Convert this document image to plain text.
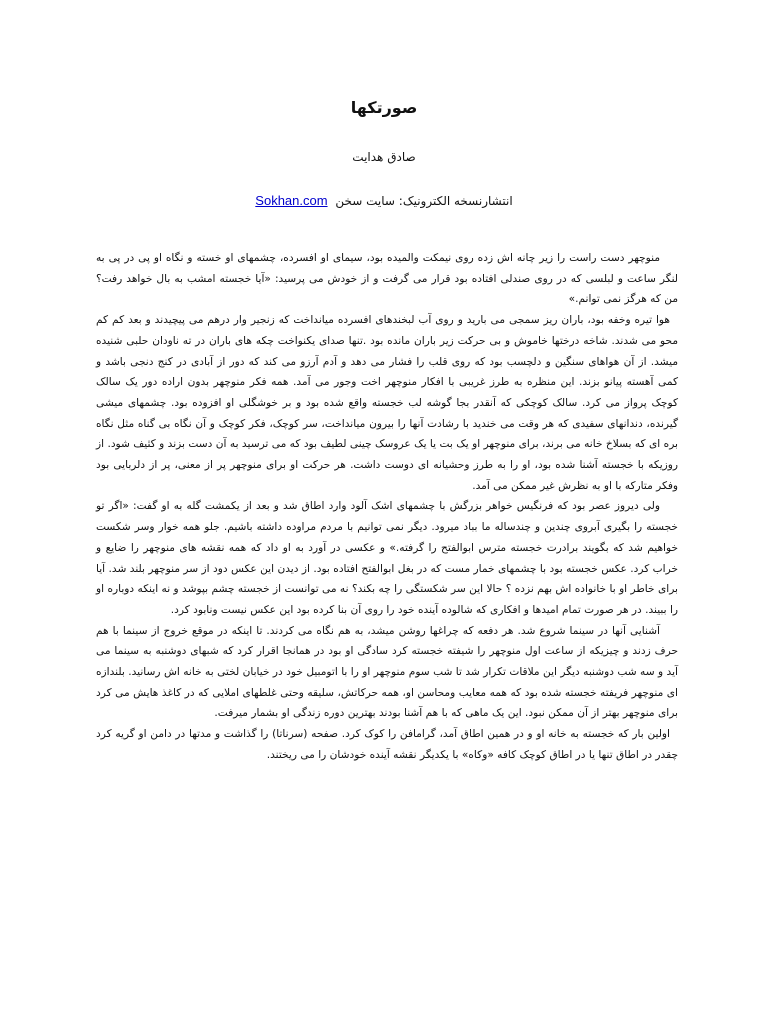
صورتکها
صادق هدایت
انتشارنسخه الکترونیک: سایت سخن Sokhan.com

منوچهر دست راست را زیر چانه اش زده روی نیمکت والمیده بود، سیمای او افسرده، چشمهای او خسته و نگاه او پی در پی به لنگر ساعت و لبلسی که در روی صندلی افتاده بود قرار می گرفت و از خودش می پرسید: «آیا خجسته امشب به بال خواهد رفت؟ من که هرگز نمی توانم.»

هوا تیره وخفه بود، باران ریز سمجی می بارید و روی آب لبخندهای افسرده میانداخت که زنجیر وار درهم می پیچیدند و بعد کم کم محو می شدند. شاخه درختها خاموش و بی حرکت زیر باران مانده بود .تنها صدای یکنواخت چکه های باران در ته ناودان حلبی شنیده میشد. از آن هواهای سنگین و دلچسب بود که روی قلب را فشار می دهد و آدم آرزو می کند که دور از آبادی در کنج دنجی باشد و کمی آهسته پیانو بزند. این منظره به طرز غریبی با افکار منوچهر اخت وجور می آمد. همه فکر منوچهر بدون اراده دور یک سالک کوچک پرواز می کرد. سالک کوچکی که آنقدر بجا گوشه لب خجسته واقع شده بود و بر خوشگلی او افزوده بود. چشمهای میشی گیرنده، دندانهای سفیدی که هر وقت می خندید با رشادت آنها را بیرون میانداخت، سر کوچک، فکر کوچک و آن نگاه بی گناه مثل نگاه بره ای که بسلاخ خانه می برند، برای منوچهر او یک بت یا یک عروسک چینی لطیف بود که می ترسید به آن دست بزند و کثیف شود. از روزیکه با خجسته آشنا شده بود، او را به طرز وحشیانه ای دوست داشت. هر حرکت او برای منوچهر پر از معنی، پر از دلربایی بود وفکر متارکه با او به نظرش غیر ممکن می آمد.

ولی دیروز عصر بود که فرنگیس خواهر بزرگش با چشمهای اشک آلود وارد اطاق شد و بعد از یکمشت گله به او گفت: «اگر تو خجسته را بگیری آبروی چندین و چندساله ما بباد میرود. دیگر نمی توانیم با مردم مراوده داشته باشیم. جلو همه خوار وسر شکست خواهیم شد که بگویند برادرت خجسته مترس ابوالفتح را گرفته.» و عکسی در آورد به او داد که همه نقشه های منوچهر را ضایع و خراب کرد. عکس خجسته بود با چشمهای خمار مست که در بغل ابوالفتح افتاده بود. از دیدن این عکس دود از سر منوچهر بلند شد. آیا برای خاطر او با خانواده اش بهم نزده ؟ حالا این سر شکستگی را چه بکند؟ نه می توانست از خجسته چشم بپوشد و نه اینکه دوباره او را ببیند. در هر صورت تمام امیدها و افکاری که شالوده آینده خود را روی آن بنا کرده بود این عکس نیست ونابود کرد.

آشنایی آنها در سینما شروع شد. هر دفعه که چراغها روشن میشد، به هم نگاه می کردند. تا اینکه در موقع خروج از سینما با هم حرف زدند و چیزیکه از ساعت اول منوچهر را شیفته خجسته کرد سادگی او بود در همانجا اقرار کرد که شبهای دوشنبه به سینما می آید و سه شب دوشنبه دیگر این ملاقات تکرار شد تا شب سوم منوچهر او را با اتومبیل خود در خیابان لختی به خانه اش رسانید. بلندازه ای منوچهر فریفته خجسته شده بود که همه معایب ومحاسن او، همه حرکاتش، سلیقه وحتی غلطهای املایی که در کاغذ هایش می کرد برای منوچهر بهتر از آن ممکن نبود. این یک ماهی که با هم آشنا بودند بهترین دوره زندگی او بشمار میرفت.

اولین بار که خجسته به خانه او و در همین اطاق آمد، گرامافن را کوک کرد. صفحه (سرناتا) را گذاشت و مدتها در دامن او گریه کرد چقدر در اطاق تنها یا در اطاق کوچک کافه «وکاه» با یکدیگر نقشه آینده خودشان را می ریختند.
